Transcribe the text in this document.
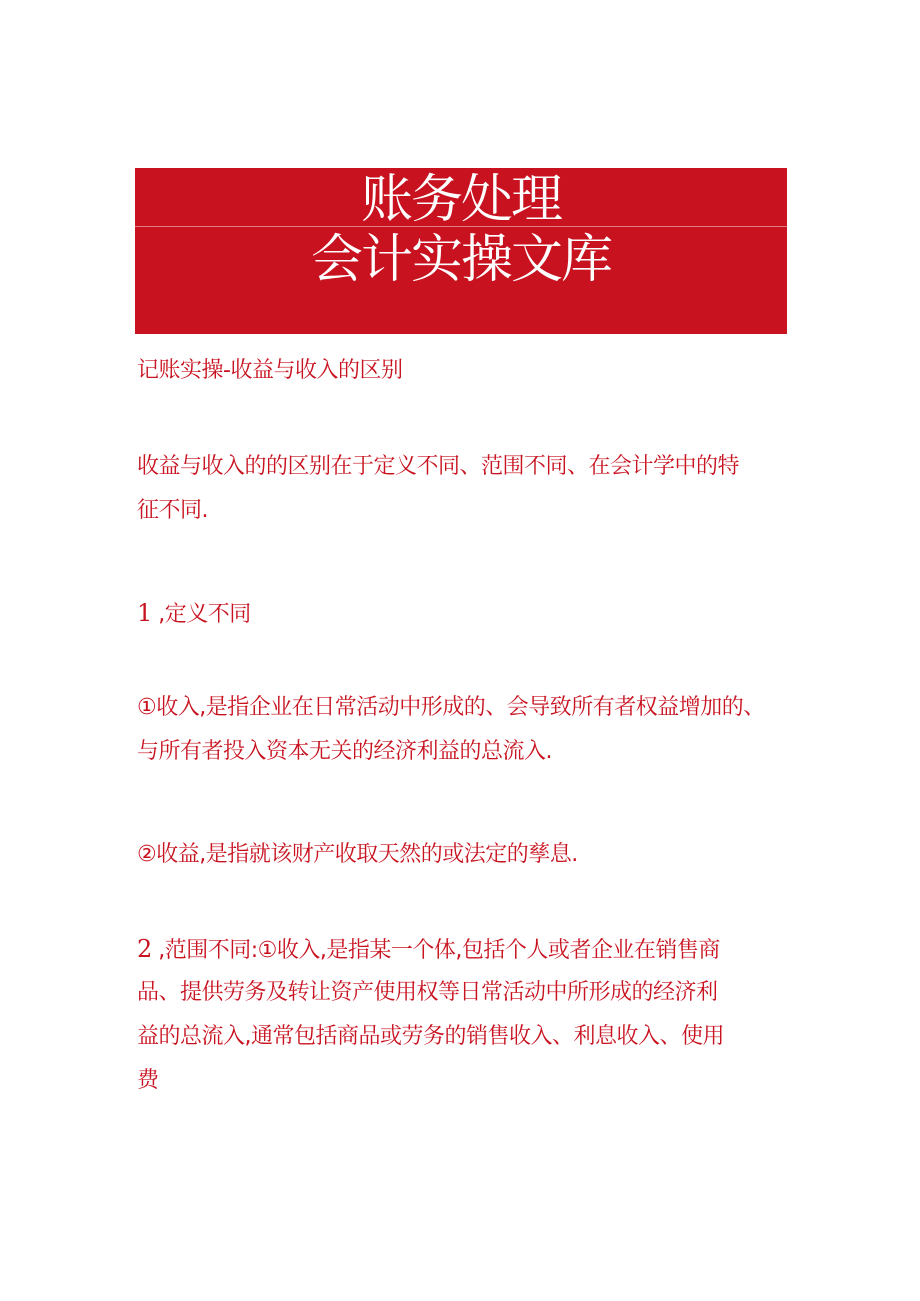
账务处理
会计实操文库
记账实操-收益与收入的区别
收益与收入的的区别在于定义不同、范围不同、在会计学中的特
征不同.
1 ,定义不同
①收入,是指企业在日常活动中形成的、会导致所有者权益增加的、
与所有者投入资本无关的经济利益的总流入.
②收益,是指就该财产收取天然的或法定的孳息.
2 ,范围不同:①收入,是指某一个体,包括个人或者企业在销售商
品、提供劳务及转让资产使用权等日常活动中所形成的经济利
益的总流入,通常包括商品或劳务的销售收入、利息收入、使用
费
